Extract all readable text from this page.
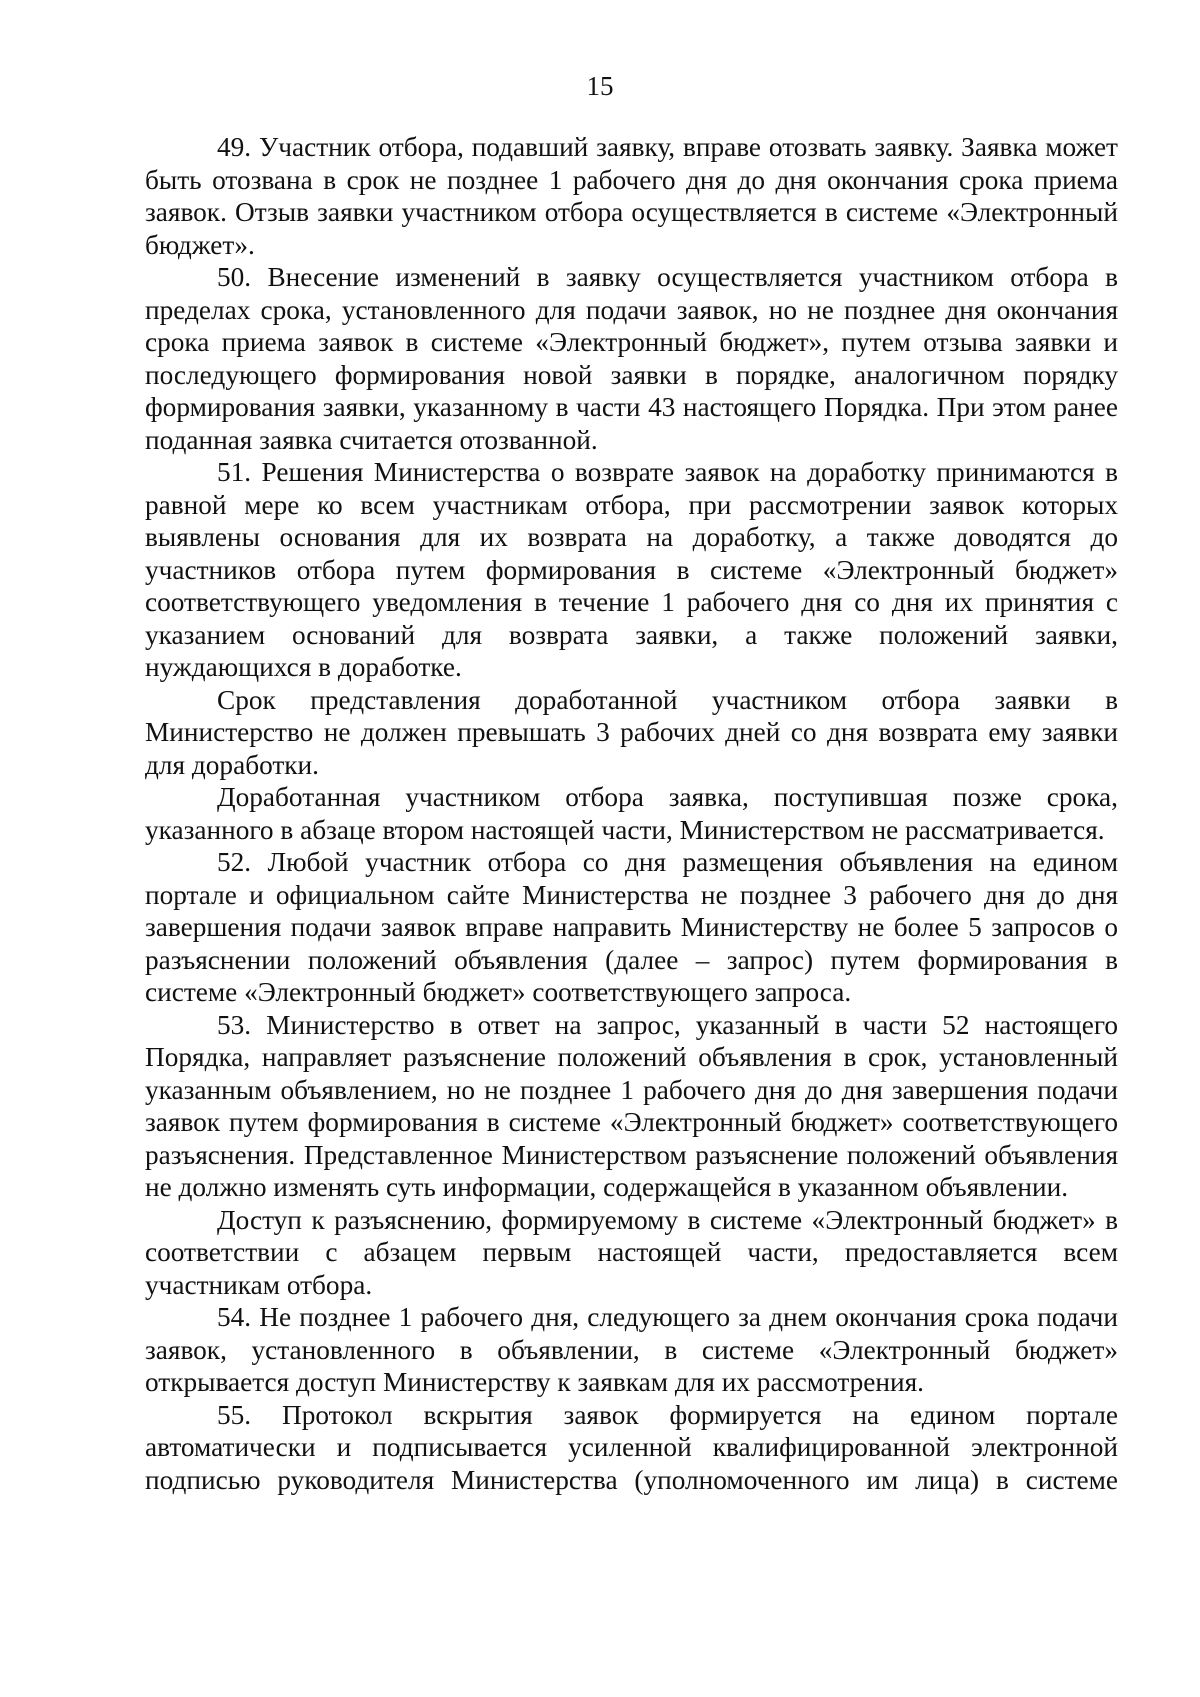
15

49. Участник отбора, подавший заявку, вправе отозвать заявку. Заявка может быть отозвана в срок не позднее 1 рабочего дня до дня окончания срока приема заявок. Отзыв заявки участником отбора осуществляется в системе «Электронный бюджет».

50. Внесение изменений в заявку осуществляется участником отбора в пределах срока, установленного для подачи заявок, но не позднее дня окончания срока приема заявок в системе «Электронный бюджет», путем отзыва заявки и последующего формирования новой заявки в порядке, аналогичном порядку формирования заявки, указанному в части 43 настоящего Порядка. При этом ранее поданная заявка считается отозванной.

51. Решения Министерства о возврате заявок на доработку принимаются в равной мере ко всем участникам отбора, при рассмотрении заявок которых выявлены основания для их возврата на доработку, а также доводятся до участников отбора путем формирования в системе «Электронный бюджет» соответствующего уведомления в течение 1 рабочего дня со дня их принятия с указанием оснований для возврата заявки, а также положений заявки, нуждающихся в доработке.

Срок представления доработанной участником отбора заявки в Министерство не должен превышать 3 рабочих дней со дня возврата ему заявки для доработки.

Доработанная участником отбора заявка, поступившая позже срока, указанного в абзаце втором настоящей части, Министерством не рассматривается.

52. Любой участник отбора со дня размещения объявления на едином портале и официальном сайте Министерства не позднее 3 рабочего дня до дня завершения подачи заявок вправе направить Министерству не более 5 запросов о разъяснении положений объявления (далее – запрос) путем формирования в системе «Электронный бюджет» соответствующего запроса.

53. Министерство в ответ на запрос, указанный в части 52 настоящего Порядка, направляет разъяснение положений объявления в срок, установленный указанным объявлением, но не позднее 1 рабочего дня до дня завершения подачи заявок путем формирования в системе «Электронный бюджет» соответствующего разъяснения. Представленное Министерством разъяснение положений объявления не должно изменять суть информации, содержащейся в указанном объявлении.

Доступ к разъяснению, формируемому в системе «Электронный бюджет» в соответствии с абзацем первым настоящей части, предоставляется всем участникам отбора.

54. Не позднее 1 рабочего дня, следующего за днем окончания срока подачи заявок, установленного в объявлении, в системе «Электронный бюджет» открывается доступ Министерству к заявкам для их рассмотрения.

55. Протокол вскрытия заявок формируется на едином портале автоматически и подписывается усиленной квалифицированной электронной подписью руководителя Министерства (уполномоченного им лица) в системе
